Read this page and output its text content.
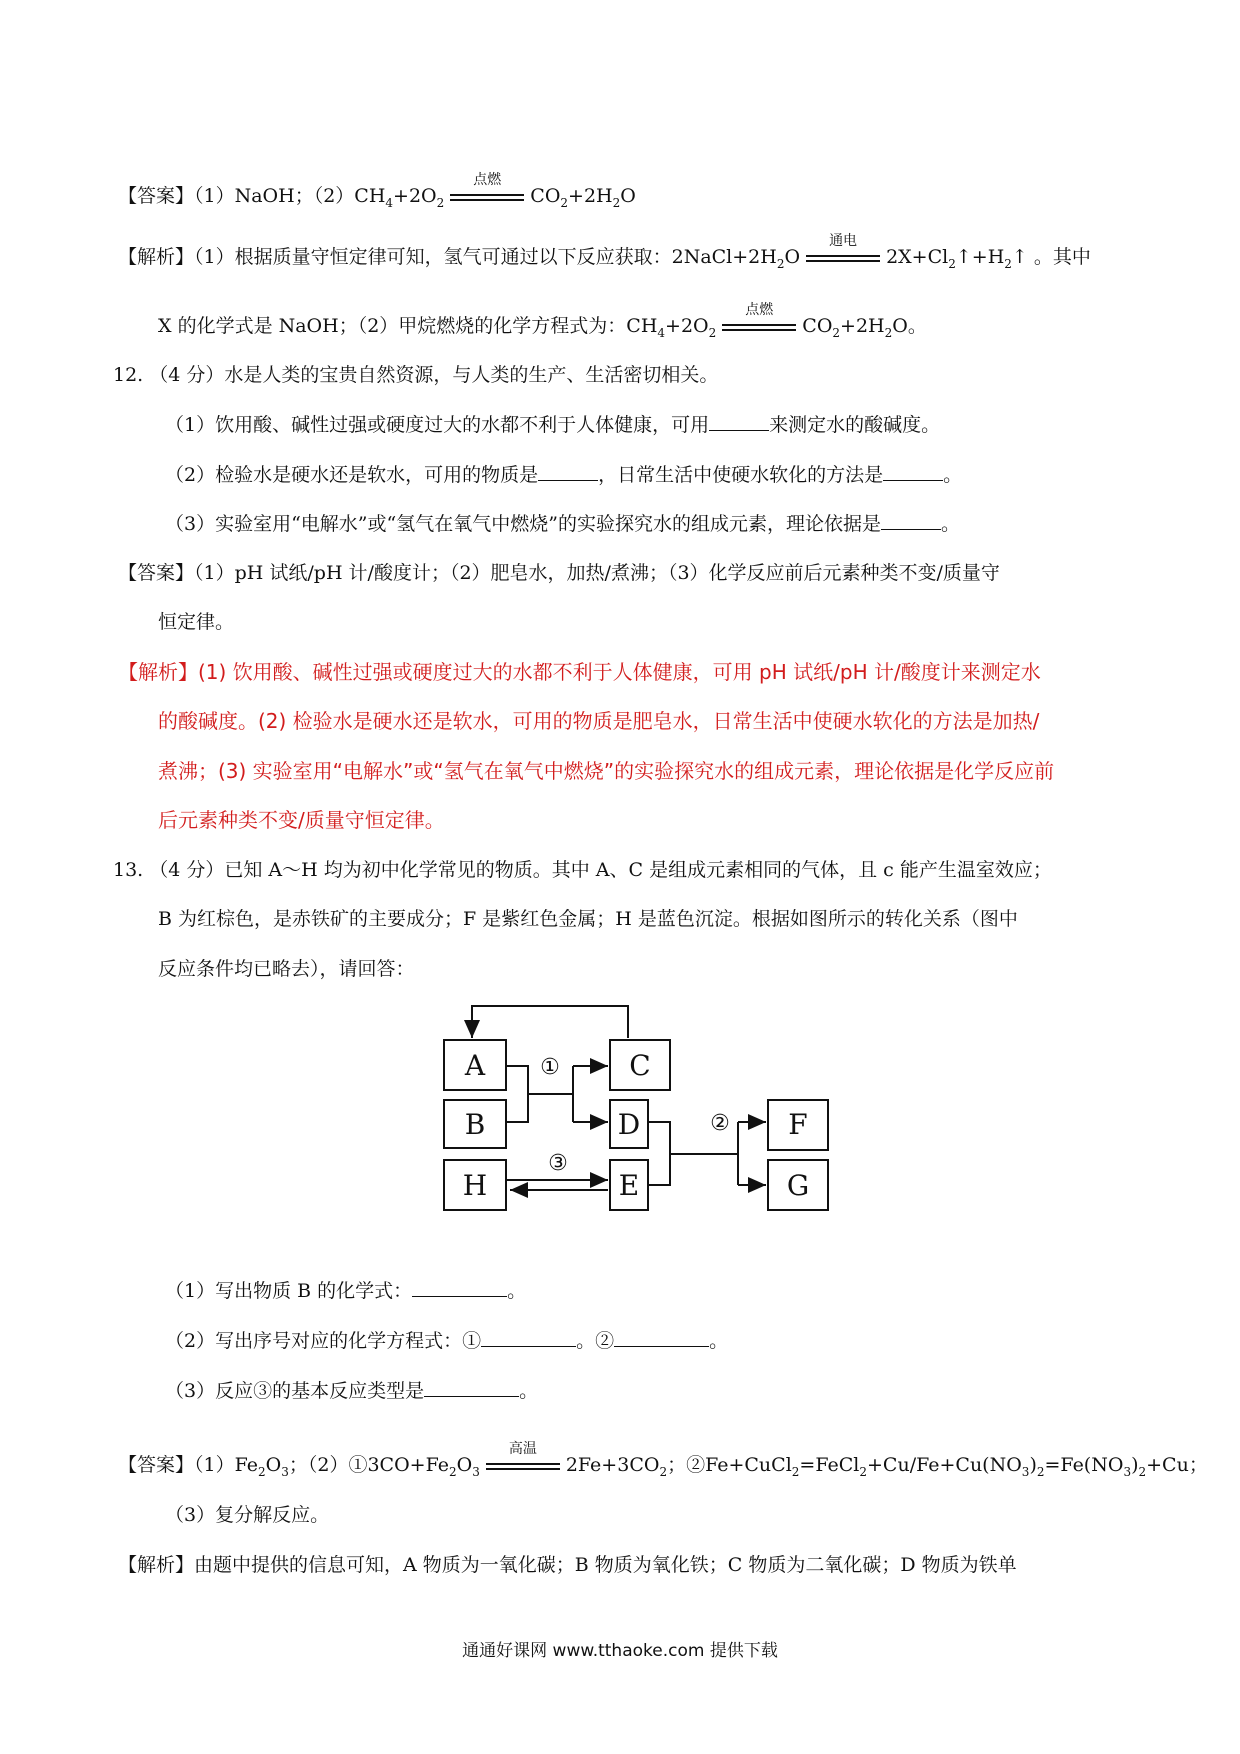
【答案】（1）NaOH；$(2)CH_4+2O_2$
点燃
$CO_2+2H_2O$
【解析】（1）根据质量守恒定律可知，氢气可通过以下反应获取：$2NaCl+2H_2O$
通电
$2X+Cl_2↑+H_2↑$ 。其中
X 的化学式是 NaOH；（2）甲烷燃烧的化学方程式为：$CH_4+2O_2$
点燃
$CO_2+2H_2O$。
12. （4 分）水是人类的宝贵自然资源，与人类的生产、生活密切相关。
（1）饮用酸、碱性过强或硬度过大的水都不利于人体健康，可用	来测定水的酸碱度。
（2）检验水是硬水还是软水，可用的物质是	，日常生活中使硬水软化的方法是	。
（3）实验室用“电解水”或“氢气在氧气中燃烧”的实验探究水的组成元素，理论依据是	。
【答案】（1）pH 试纸/pH 计/酸度计；（2）肥皂水，加热/煮沸；（3）化学反应前后元素种类不变/质量守
恒定律。
【解析】(1) 饮用酸、碱性过强或硬度过大的水都不利于人体健康，可用 pH 试纸/pH 计/酸度计来测定水
的酸碱度。(2) 检验水是硬水还是软水，可用的物质是肥皂水，日常生活中使硬水软化的方法是加热/
煮沸；(3) 实验室用“电解水”或“氢气在氧气中燃烧”的实验探究水的组成元素，理论依据是化学反应前
后元素种类不变/质量守恒定律。
13. （4 分）已知 A～H 均为初中化学常见的物质。其中 A、C 是组成元素相同的气体，且 c 能产生温室效应；
B 为红棕色，是赤铁矿的主要成分；F 是紫红色金属；H 是蓝色沉淀。根据如图所示的转化关系（图中
反应条件均已略去），请回答：
A
B
H
C
D
E
F
G
①
②
③
（1）写出物质 B 的化学式：	。
（2）写出序号对应的化学方程式：①	。②	。
（3）反应③的基本反应类型是	。
【答案】$(1)Fe_2O_3$；$(2)①3CO+Fe_2O_3$
高温
$2Fe+3CO_2$；$②Fe+CuCl_2=FeCl_2+Cu/Fe+Cu(NO_3)_2=Fe(NO_3)_2+Cu$；
（3）复分解反应。
【解析】由题中提供的信息可知，A 物质为一氧化碳；B 物质为氧化铁；C 物质为二氧化碳；D 物质为铁单
通通好课网 www.tthaoke.com 提供下载
